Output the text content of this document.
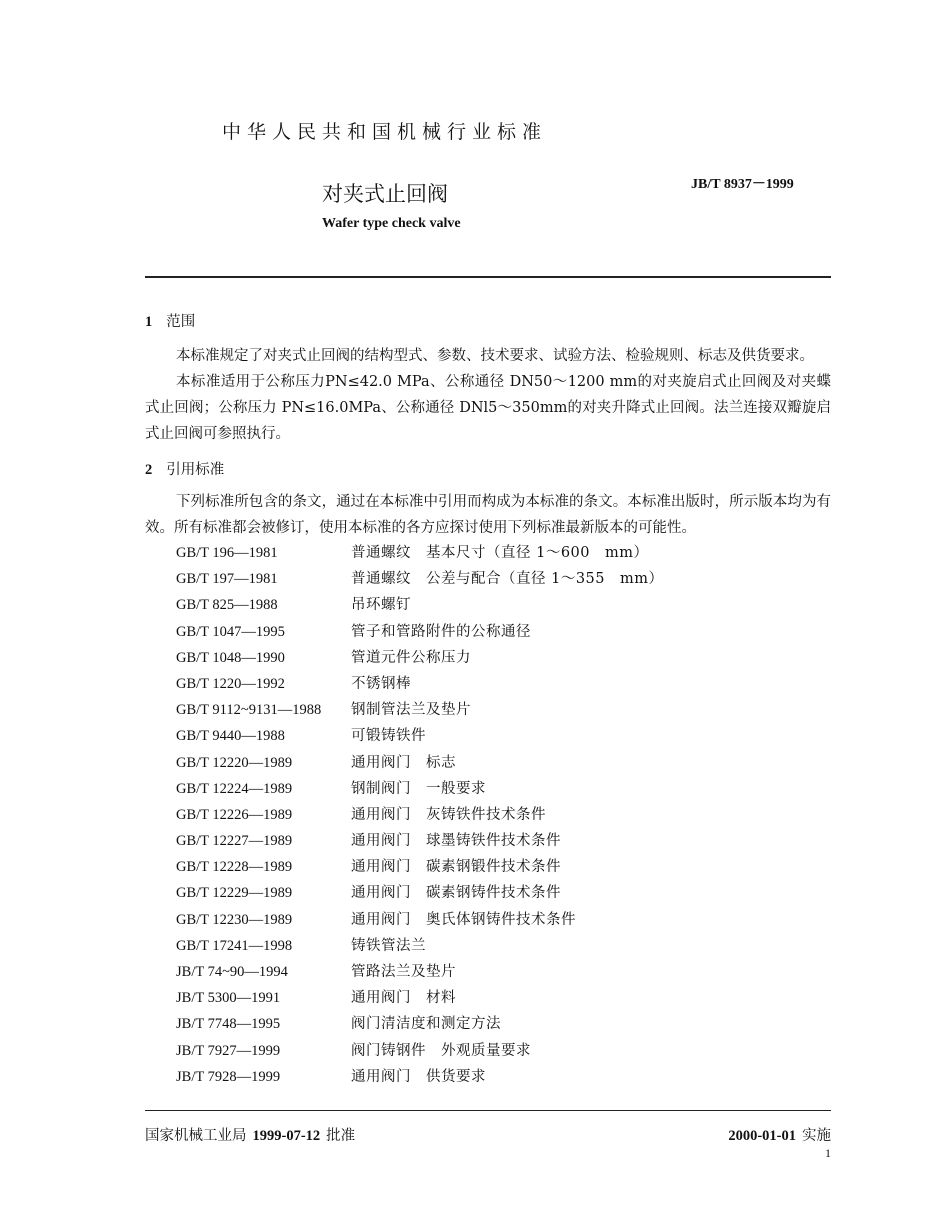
中华人民共和国机械行业标准
JB/T 8937－1999
对夹式止回阀
Wafer type check valve
1 范围
本标准规定了对夹式止回阀的结构型式、参数、技术要求、试验方法、检验规则、标志及供货要求。
本标准适用于公称压力PN≤42.0 MPa、公称通径 DN50～1200 mm的对夹旋启式止回阀及对夹蝶式止回阀；公称压力 PN≤16.0MPa、公称通径 DNl5～350mm的对夹升降式止回阀。法兰连接双瓣旋启式止回阀可参照执行。
2 引用标准
下列标准所包含的条文，通过在本标准中引用而构成为本标准的条文。本标准出版时，所示版本均为有效。所有标准都会被修订，使用本标准的各方应探讨使用下列标准最新版本的可能性。
GB/T 196—1981	普通螺纹　基本尺寸（直径 1～600　mm）
GB/T 197—1981	普通螺纹　公差与配合（直径 1～355　mm）
GB/T 825—1988	吊环螺钉
GB/T 1047—1995	管子和管路附件的公称通径
GB/T 1048—1990	管道元件公称压力
GB/T 1220—1992	不锈钢棒
GB/T 9112~9131—1988 钢制管法兰及垫片
GB/T 9440—1988	可锻铸铁件
GB/T 12220—1989	通用阀门　标志
GB/T 12224—1989	钢制阀门　一般要求
GB/T 12226—1989	通用阀门　灰铸铁件技术条件
GB/T 12227—1989	通用阀门　球墨铸铁件技术条件
GB/T 12228—1989	通用阀门　碳素钢锻件技术条件
GB/T 12229—1989	通用阀门　碳素钢铸件技术条件
GB/T 12230—1989	通用阀门　奥氏体钢铸件技术条件
GB/T 17241—1998	铸铁管法兰
JB/T 74~90—1994	管路法兰及垫片
JB/T 5300—1991	通用阀门　材料
JB/T 7748—1995	阀门清洁度和测定方法
JB/T 7927—1999	阀门铸钢件　外观质量要求
JB/T 7928—1999	通用阀门　供货要求
国家机械工业局 1999-07-12 批准	2000-01-01 实施
1
